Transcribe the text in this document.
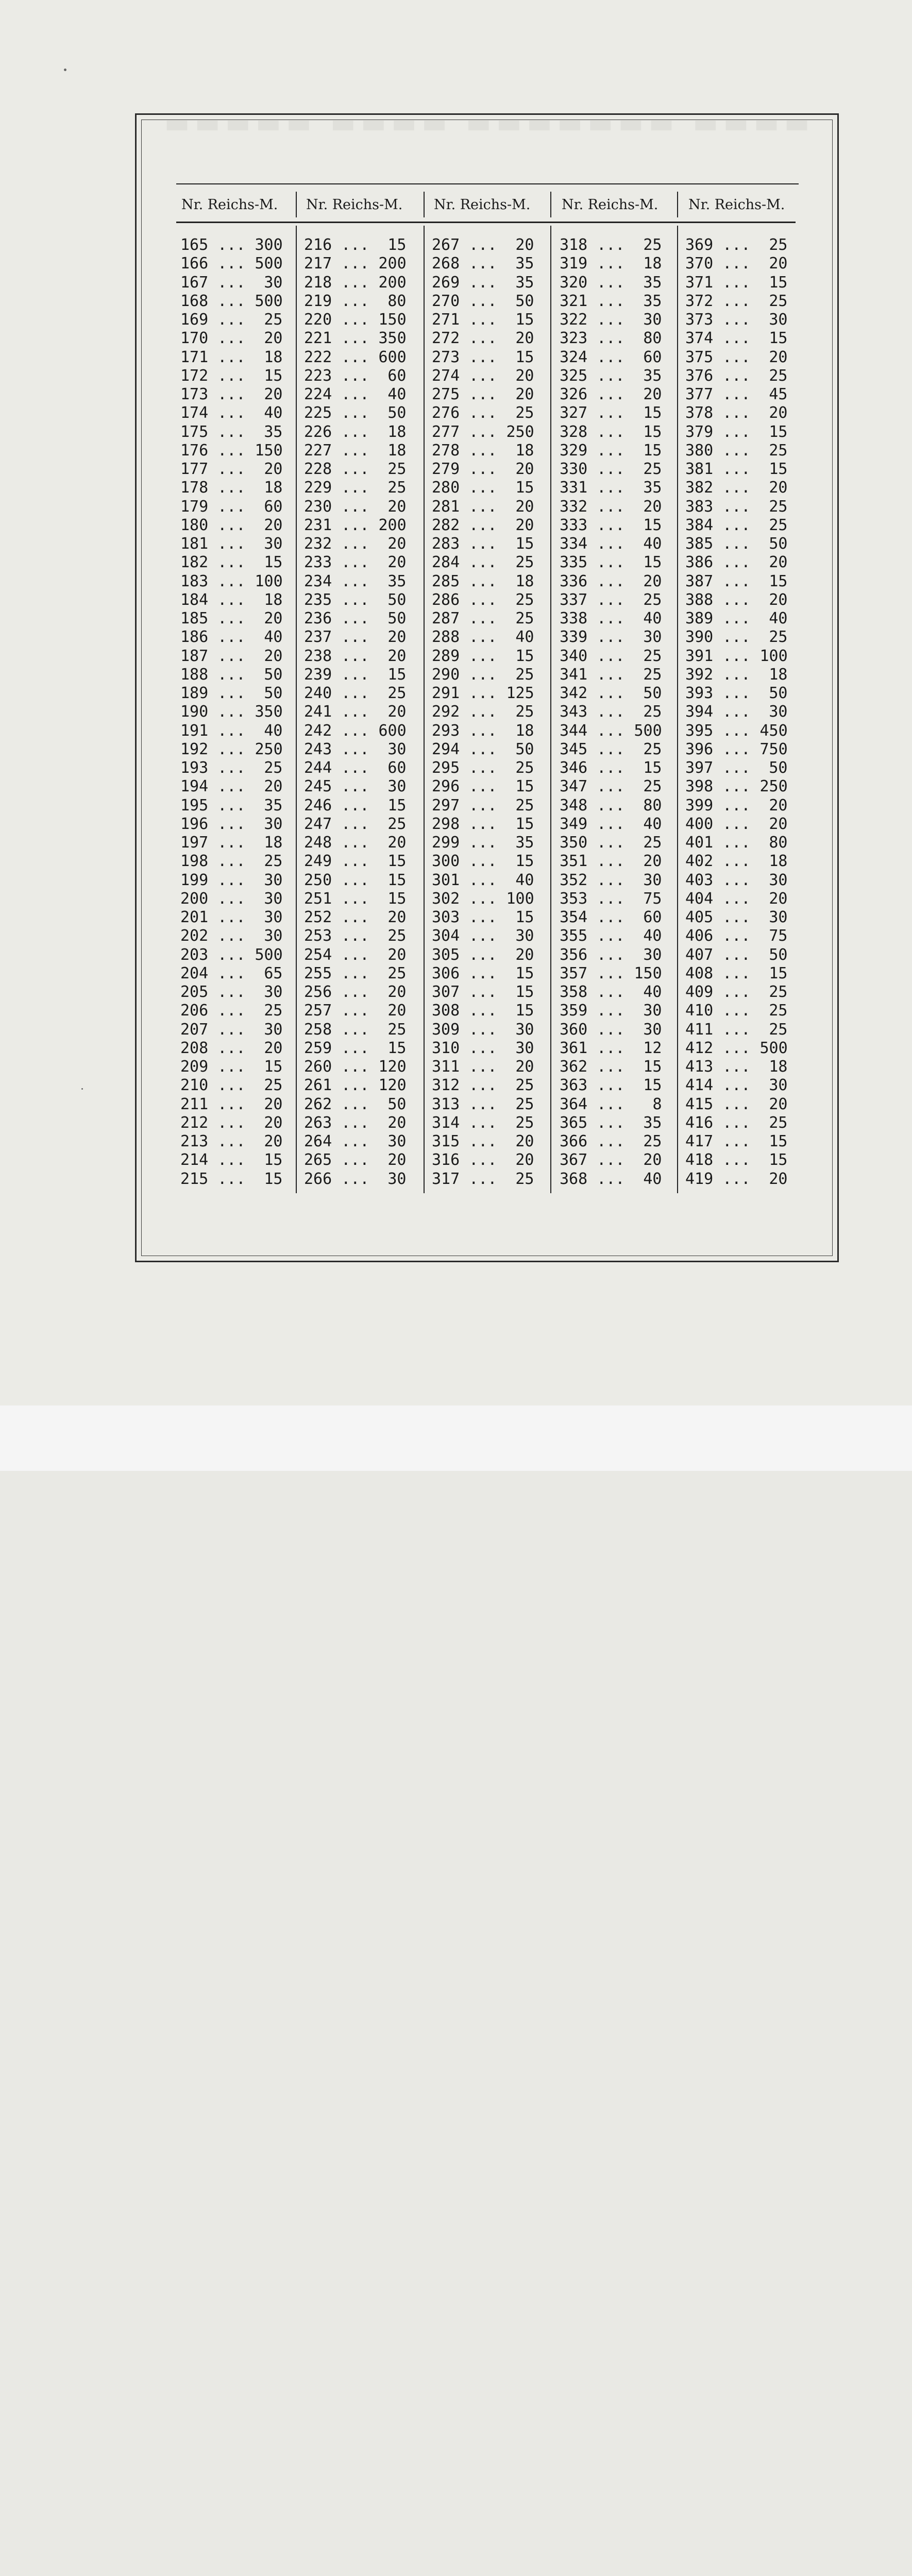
▬▬▬▬▬ ▬▬▬▬ ▬▬▬▬▬▬▬ ▬▬▬▬
Nr. Reichs-M. Nr. Reichs-M. Nr. Reichs-M. Nr. Reichs-M. Nr. Reichs-M.
165 ... 300
166 ... 500
167 ... 30
168 ... 500
169 ... 25
170 ... 20
171 ... 18
172 ... 15
173 ... 20
174 ... 40
175 ... 35
176 ... 150
177 ... 20
178 ... 18
179 ... 60
180 ... 20
181 ... 30
182 ... 15
183 ... 100
184 ... 18
185 ... 20
186 ... 40
187 ... 20
188 ... 50
189 ... 50
190 ... 350
191 ... 40
192 ... 250
193 ... 25
194 ... 20
195 ... 35
196 ... 30
197 ... 18
198 ... 25
199 ... 30
200 ... 30
201 ... 30
202 ... 30
203 ... 500
204 ... 65
205 ... 30
206 ... 25
207 ... 30
208 ... 20
209 ... 15
210 ... 25
211 ... 20
212 ... 20
213 ... 20
214 ... 15
215 ... 15
216 ... 15
217 ... 200
218 ... 200
219 ... 80
220 ... 150
221 ... 350
222 ... 600
223 ... 60
224 ... 40
225 ... 50
226 ... 18
227 ... 18
228 ... 25
229 ... 25
230 ... 20
231 ... 200
232 ... 20
233 ... 20
234 ... 35
235 ... 50
236 ... 50
237 ... 20
238 ... 20
239 ... 15
240 ... 25
241 ... 20
242 ... 600
243 ... 30
244 ... 60
245 ... 30
246 ... 15
247 ... 25
248 ... 20
249 ... 15
250 ... 15
251 ... 15
252 ... 20
253 ... 25
254 ... 20
255 ... 25
256 ... 20
257 ... 20
258 ... 25
259 ... 15
260 ... 120
261 ... 120
262 ... 50
263 ... 20
264 ... 30
265 ... 20
266 ... 30
267 ... 20
268 ... 35
269 ... 35
270 ... 50
271 ... 15
272 ... 20
273 ... 15
274 ... 20
275 ... 20
276 ... 25
277 ... 250
278 ... 18
279 ... 20
280 ... 15
281 ... 20
282 ... 20
283 ... 15
284 ... 25
285 ... 18
286 ... 25
287 ... 25
288 ... 40
289 ... 15
290 ... 25
291 ... 125
292 ... 25
293 ... 18
294 ... 50
295 ... 25
296 ... 15
297 ... 25
298 ... 15
299 ... 35
300 ... 15
301 ... 40
302 ... 100
303 ... 15
304 ... 30
305 ... 20
306 ... 15
307 ... 15
308 ... 15
309 ... 30
310 ... 30
311 ... 20
312 ... 25
313 ... 25
314 ... 25
315 ... 20
316 ... 20
317 ... 25
318 ... 25
319 ... 18
320 ... 35
321 ... 35
322 ... 30
323 ... 80
324 ... 60
325 ... 35
326 ... 20
327 ... 15
328 ... 15
329 ... 15
330 ... 25
331 ... 35
332 ... 20
333 ... 15
334 ... 40
335 ... 15
336 ... 20
337 ... 25
338 ... 40
339 ... 30
340 ... 25
341 ... 25
342 ... 50
343 ... 25
344 ... 500
345 ... 25
346 ... 15
347 ... 25
348 ... 80
349 ... 40
350 ... 25
351 ... 20
352 ... 30
353 ... 75
354 ... 60
355 ... 40
356 ... 30
357 ... 150
358 ... 40
359 ... 30
360 ... 30
361 ... 12
362 ... 15
363 ... 15
364 ... 8
365 ... 35
366 ... 25
367 ... 20
368 ... 40
369 ... 25
370 ... 20
371 ... 15
372 ... 25
373 ... 30
374 ... 15
375 ... 20
376 ... 25
377 ... 45
378 ... 20
379 ... 15
380 ... 25
381 ... 15
382 ... 20
383 ... 25
384 ... 25
385 ... 50
386 ... 20
387 ... 15
388 ... 20
389 ... 40
390 ... 25
391 ... 100
392 ... 18
393 ... 50
394 ... 30
395 ... 450
396 ... 750
397 ... 50
398 ... 250
399 ... 20
400 ... 20
401 ... 80
402 ... 18
403 ... 30
404 ... 20
405 ... 30
406 ... 75
407 ... 50
408 ... 15
409 ... 25
410 ... 25
411 ... 25
412 ... 500
413 ... 18
414 ... 30
415 ... 20
416 ... 25
417 ... 15
418 ... 15
419 ... 20
